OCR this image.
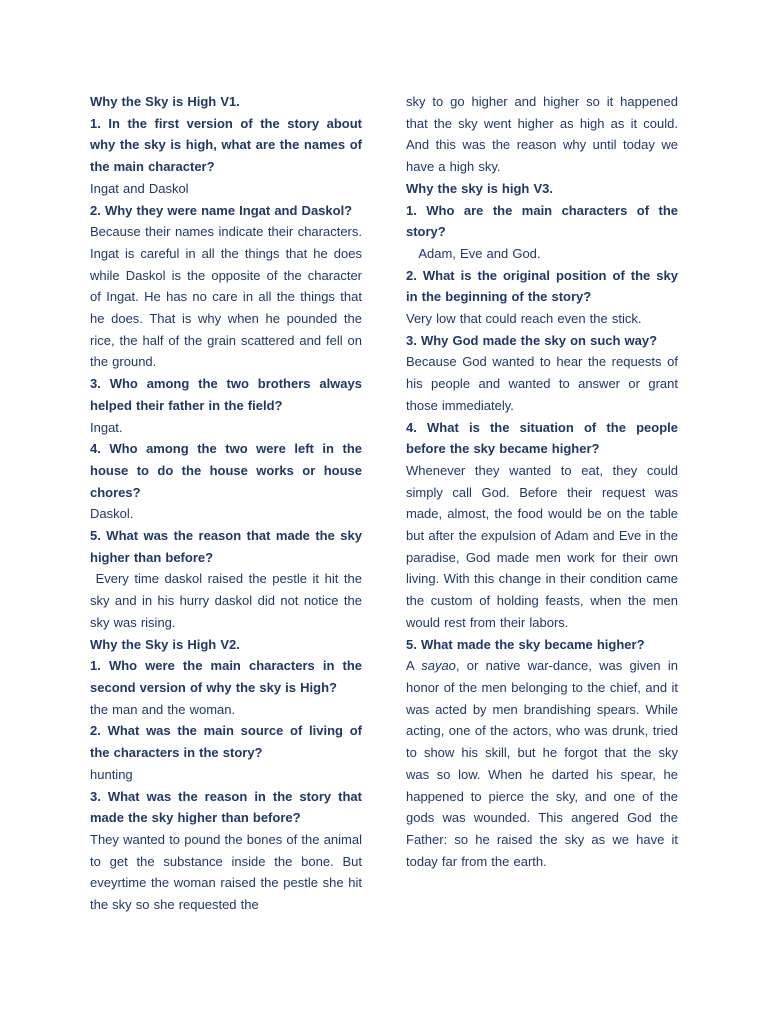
Why the Sky is High V1.

1. In the first version of the story about why the sky is high, what are the names of the main character?

Ingat and Daskol

2. Why they were name Ingat and Daskol?

Because their names indicate their characters. Ingat is careful in all the things that he does while Daskol is the opposite of the character of Ingat. He has no care in all the things that he does. That is why when he pounded the rice, the half of the grain scattered and fell on the ground.

3. Who among the two brothers always helped their father in the field?

Ingat.

4. Who among the two were left in the house to do the house works or house chores?

Daskol.

5. What was the reason that made the sky higher than before?

Every time daskol raised the pestle it hit the sky and in his hurry daskol did not notice the sky was rising.

Why the Sky is High V2.

1. Who were the main characters in the second version of why the sky is High?

the man and the woman.

2. What was the main source of living of the characters in the story?

hunting

3. What was the reason in the story that made the sky higher than before?

They wanted to pound the bones of the animal to get the substance inside the bone. But eveyrtime the woman raised the pestle she hit the sky so she requested the

sky to go higher and higher so it happened that the sky went higher as high as it could. And this was the reason why until today we have a high sky.

Why the sky is high V3.

1. Who are the main characters of the story?

Adam, Eve and God.

2. What is the original position of the sky in the beginning of the story?

Very low that could reach even the stick.

3. Why God made the sky on such way?

Because God wanted to hear the requests of his people and wanted to answer or grant those immediately.

4. What is the situation of the people before the sky became higher?

Whenever they wanted to eat, they could simply call God. Before their request was made, almost, the food would be on the table but after the expulsion of Adam and Eve in the paradise, God made men work for their own living. With this change in their condition came the custom of holding feasts, when the men would rest from their labors.

5. What made the sky became higher?

A sayao, or native war-dance, was given in honor of the men belonging to the chief, and it was acted by men brandishing spears. While acting, one of the actors, who was drunk, tried to show his skill, but he forgot that the sky was so low. When he darted his spear, he happened to pierce the sky, and one of the gods was wounded. This angered God the Father: so he raised the sky as we have it today far from the earth.
